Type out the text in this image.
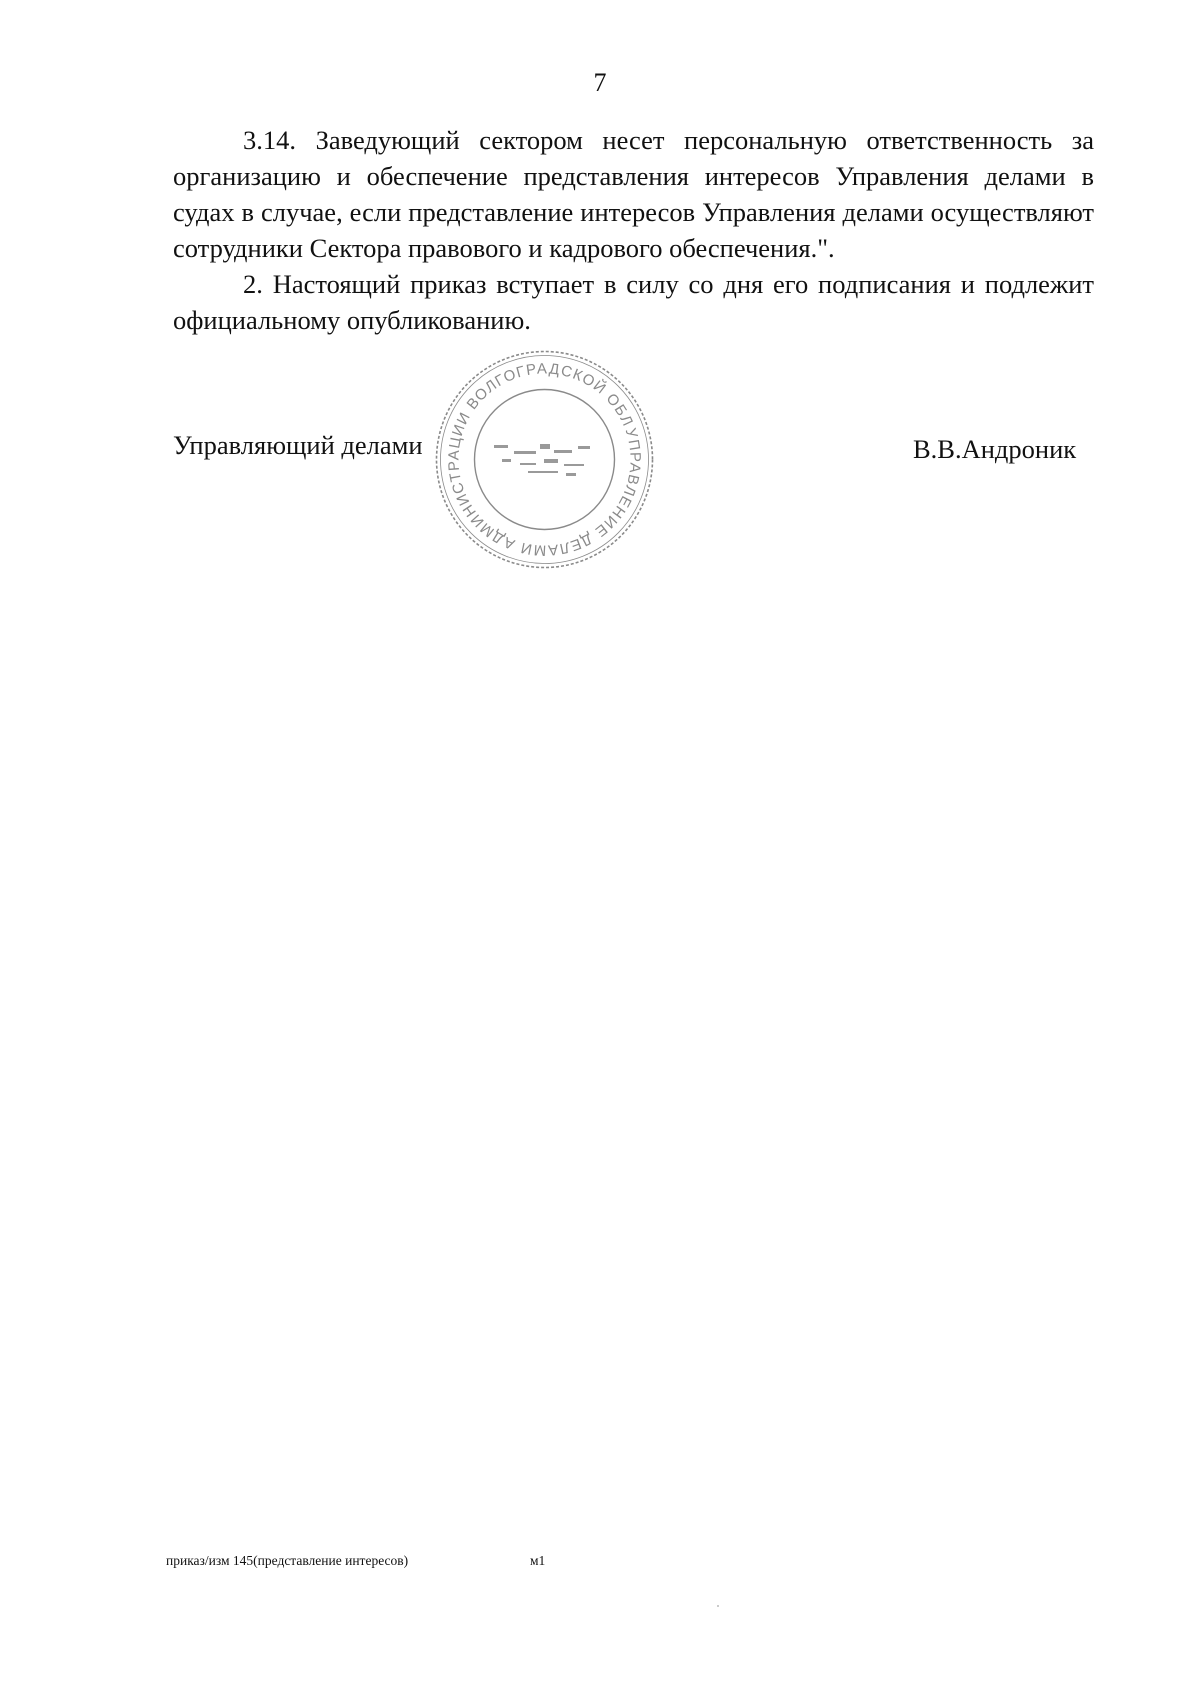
7

3.14. Заведующий сектором несет персональную ответственность за организацию и обеспечение представления интересов Управления делами в судах в случае, если представление интересов Управления делами осуществляют сотрудники Сектора правового и кадрового обеспечения.".

2. Настоящий приказ вступает в силу со дня его подписания и подлежит официальному опубликованию.

Управляющий делами	УПРАВЛЕНИЕ ДЕЛАМИ АДМИНИСТРАЦИИ ВОЛГОГРАДСКОЙ ОБЛАСТИ
В.В.Андроник
приказ/изм 145(представление интересов)	м1
